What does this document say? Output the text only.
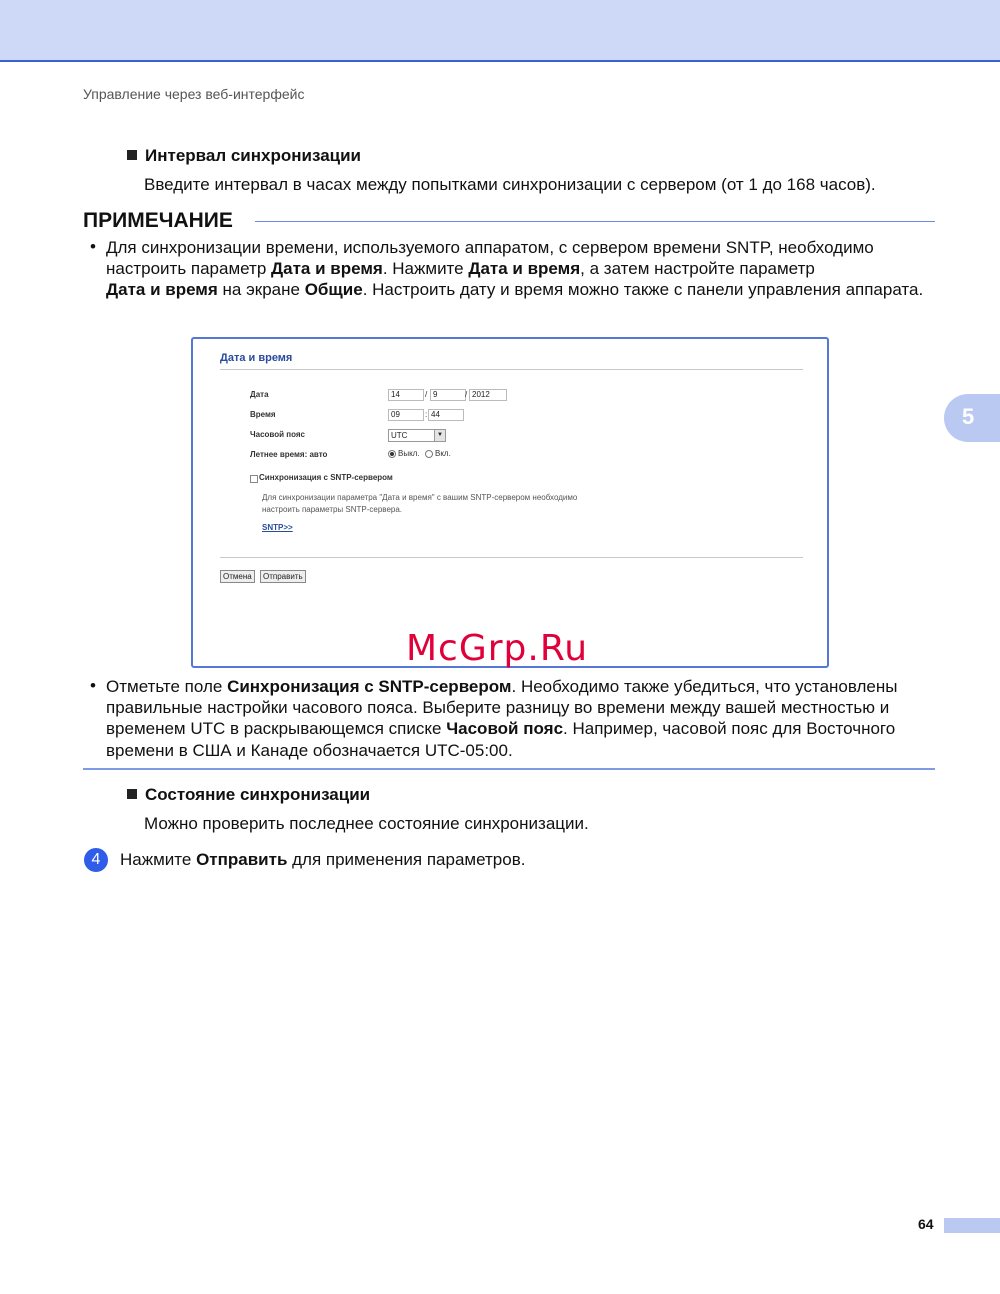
Управление через веб-интерфейс
5
Интервал синхронизации
Введите интервал в часах между попытками синхронизации с сервером (от 1 до 168 часов).
ПРИМЕЧАНИЕ
• Для синхронизации времени, используемого аппаратом, с сервером времени SNTP, необходимо настроить параметр Дата и время. Нажмите Дата и время, а затем настройте параметр
Дата и время на экране Общие. Настроить дату и время можно также с панели управления аппарата.
Дата и время
Дата	14	/ 9	/ 2012
Время	09	: 44
Часовой пояс	UTC	▼
Летнее время: авто	Выкл. Вкл.
Синхронизация с SNTP-сервером
Для синхронизации параметра "Дата и время" с вашим SNTP-сервером необходимо настроить параметры SNTP-сервера.
SNTP>>
Отмена	Отправить
McGrp.Ru
• Отметьте поле Синхронизация с SNTP-сервером. Необходимо также убедиться, что установлены правильные настройки часового пояса. Выберите разницу во времени между вашей местностью и временем UTC в раскрывающемся списке Часовой пояс. Например, часовой пояс для Восточного времени в США и Канаде обозначается UTC-05:00.
Состояние синхронизации
Можно проверить последнее состояние синхронизации.
4	Нажмите Отправить для применения параметров.
64
